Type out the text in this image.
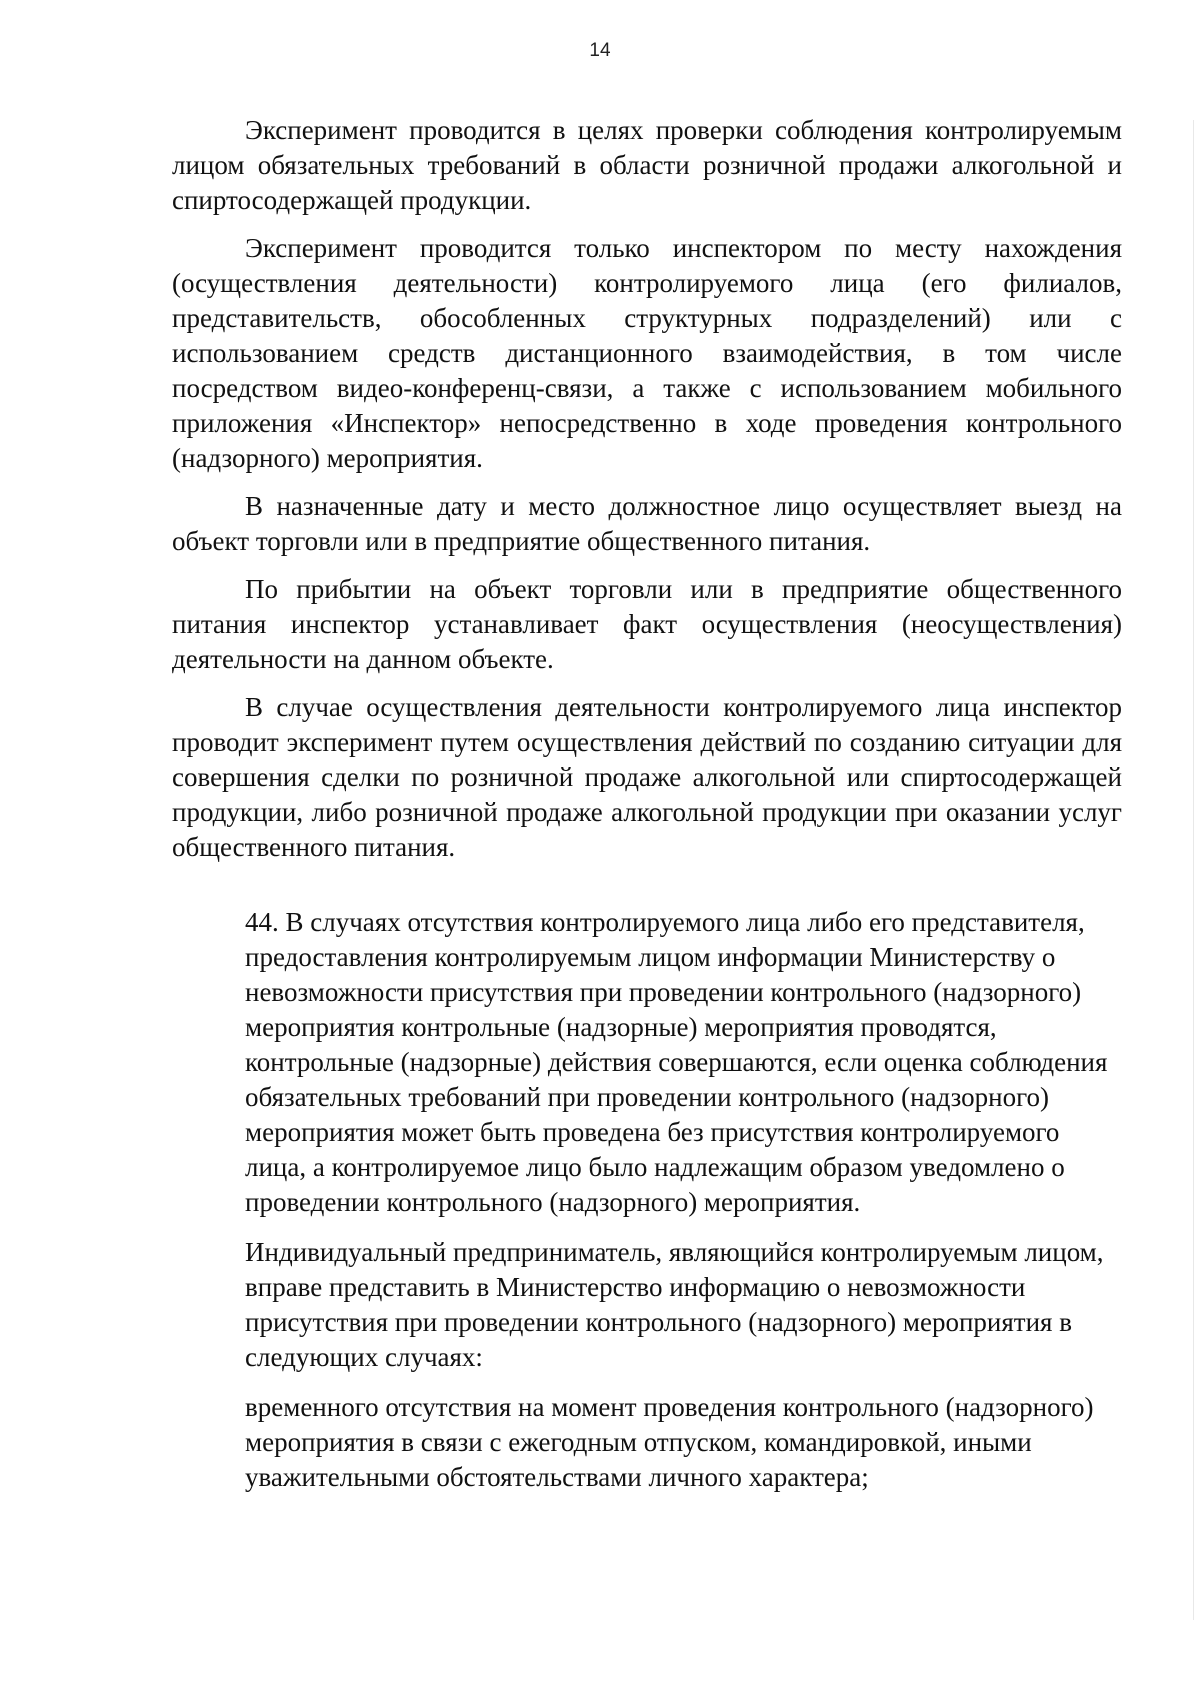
14

Эксперимент проводится в целях проверки соблюдения контролируемым лицом обязательных требований в области розничной продажи алкогольной и спиртосодержащей продукции.

Эксперимент проводится только инспектором по месту нахождения (осуществления деятельности) контролируемого лица (его филиалов, представительств, обособленных структурных подразделений) или с использованием средств дистанционного взаимодействия, в том числе посредством видео-конференц-связи, а также с использованием мобильного приложения «Инспектор» непосредственно в ходе проведения контрольного (надзорного) мероприятия.

В назначенные дату и место должностное лицо осуществляет выезд на объект торговли или в предприятие общественного питания.

По прибытии на объект торговли или в предприятие общественного питания инспектор устанавливает факт осуществления (неосуществления) деятельности на данном объекте.

В случае осуществления деятельности контролируемого лица инспектор проводит эксперимент путем осуществления действий по созданию ситуации для совершения сделки по розничной продаже алкогольной или спиртосодержащей продукции, либо розничной продаже алкогольной продукции при оказании услуг общественного питания.

44. В случаях отсутствия контролируемого лица либо его представителя, предоставления контролируемым лицом информации Министерству о невозможности присутствия при проведении контрольного (надзорного) мероприятия контрольные (надзорные) мероприятия проводятся, контрольные (надзорные) действия совершаются, если оценка соблюдения обязательных требований при проведении контрольного (надзорного) мероприятия может быть проведена без присутствия контролируемого лица, а контролируемое лицо было надлежащим образом уведомлено о проведении контрольного (надзорного) мероприятия.

Индивидуальный предприниматель, являющийся контролируемым лицом, вправе представить в Министерство информацию о невозможности присутствия при проведении контрольного (надзорного) мероприятия в следующих случаях:

временного отсутствия на момент проведения контрольного (надзорного) мероприятия в связи с ежегодным отпуском, командировкой, иными уважительными обстоятельствами личного характера;
